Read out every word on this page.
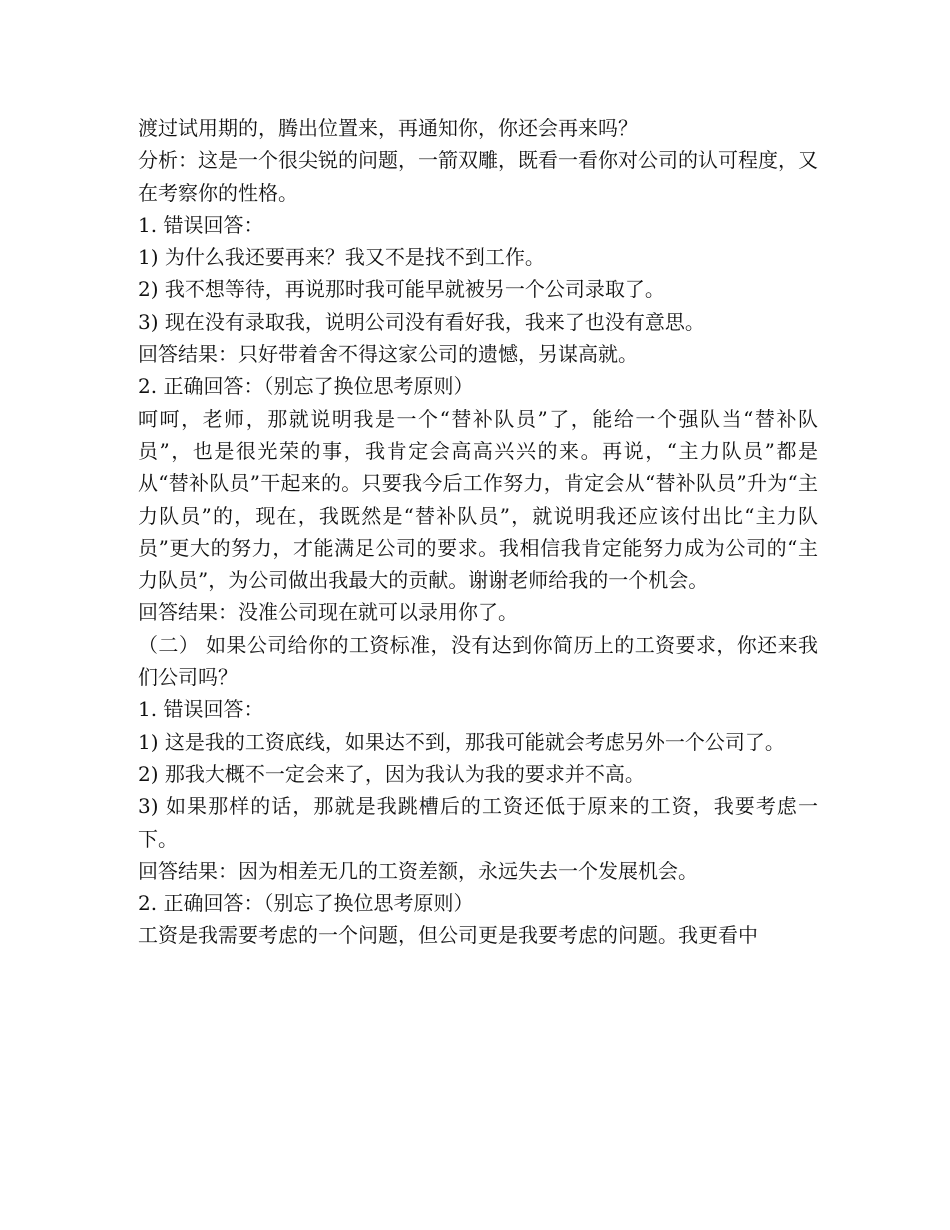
渡过试用期的，腾出位置来，再通知你，你还会再来吗？

分析：这是一个很尖锐的问题，一箭双雕，既看一看你对公司的认可程度，又在考察你的性格。

1. 错误回答：

1) 为什么我还要再来？我又不是找不到工作。

2) 我不想等待，再说那时我可能早就被另一个公司录取了。

3) 现在没有录取我，说明公司没有看好我，我来了也没有意思。

回答结果：只好带着舍不得这家公司的遗憾，另谋高就。

2. 正确回答：（别忘了换位思考原则）

呵呵，老师，那就说明我是一个“替补队员”了，能给一个强队当“替补队员”，也是很光荣的事，我肯定会高高兴兴的来。再说，“主力队员”都是从“替补队员”干起来的。只要我今后工作努力，肯定会从“替补队员”升为“主力队员”的，现在，我既然是“替补队员”，就说明我还应该付出比“主力队员”更大的努力，才能满足公司的要求。我相信我肯定能努力成为公司的“主力队员”，为公司做出我最大的贡献。谢谢老师给我的一个机会。

回答结果：没准公司现在就可以录用你了。

（二） 如果公司给你的工资标准，没有达到你简历上的工资要求，你还来我们公司吗？

1. 错误回答：

1) 这是我的工资底线，如果达不到，那我可能就会考虑另外一个公司了。

2) 那我大概不一定会来了，因为我认为我的要求并不高。

3) 如果那样的话，那就是我跳槽后的工资还低于原来的工资，我要考虑一下。

回答结果：因为相差无几的工资差额，永远失去一个发展机会。

2. 正确回答：（别忘了换位思考原则）

工资是我需要考虑的一个问题，但公司更是我要考虑的问题。我更看中
